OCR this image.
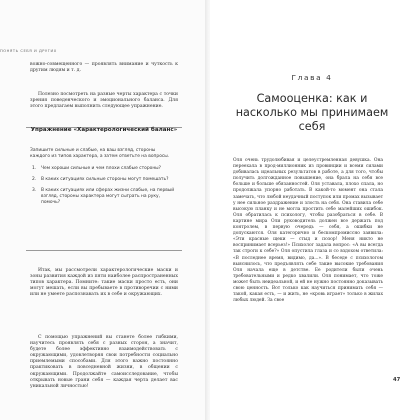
ПОНЯТЬ СЕБЯ И ДРУГИХ

вожно-совмещенного — проявлять внимание и чуткость к другим людям и т. д.

Полезно посмотреть на разные черты характера с точки зрения поведенческого и эмоционального баланса. Для этого предлагаем выполнить следующее упражнение.

Упражнение «Характерологический баланс»

Запишите сильные и слабые, на ваш взгляд, стороны каждого из типов характера, а затем ответьте на вопросы.

1. Чем хороши сильные и чем плохи слабые стороны?
2. В каких ситуациях сильные стороны могут помешать?
3. В каких ситуациях или сферах жизни слабые, на первый взгляд, стороны характера могут сыграть на руку, помочь?

Итак, мы рассмотрели характерологические маски и зоны развития каждой из пяти наиболее распространенных типов характера. Помните: такие маски просто есть, они могут мешать, если вы пребываете в противоречии с ними или не умеете распознавать их в себе и окружающих.

С помощью упражнений вы станете более гибкими, научитесь проявлять себя с разных сторон, а значит, будете более эффективно взаимодействовать с окружающими, удовлетворяя свои потребности социально приемлемыми способами. Для этого важно постоянно практиковать в повседневной жизни, в общении с окружающими. Продолжайте самоисследование, чтобы открывать новые грани себя — каждая черта делает вас уникальной личностью!

Глава 4

Самооценка: как и насколько мы принимаем себя

Оля очень трудолюбивая и целеустремленная девушка. Она переехала в прод-миллионник из провинции и всеми силами добивалась идеальных результатов в работе, а для того, чтобы получить долгожданное повышение, она брала на себя все больше и больше обязанностей. Оля уставала, плохо спала, но продолжала упорно работать. В какой-то момент она стала замечать, что любой неудачный поступок или промах вызывает у нее сильное раздражение и злость на себя. Она ставила себе высокую планку и не могла простить себе малейших ошибок. Оля обратилась к психологу, чтобы разобраться в себе. В картине мира Оли руководитель должен все держать под контролем, в первую очередь — себя, а ошибки не допускаются. Оля категорично и бескомпромиссно заявила: «Эти красные щеки — стыд и позор! Меня никто не воспринимает всерьез!» Психолог задала вопрос: «А вы всегда так строги к себе?» Оля опустила глаза и со вздохом ответила: «В последнее время, видимо, да...». В беседе с психологом выяснилось, что предъявлять себе такие высокие требования Оля начала еще в детстве. Ее родители были очень требовательными и редко хвалили. Оля понимает, что тоже может быть неидеальной, и ей не нужно постоянно доказывать свою ценность. Вот только как научиться принимать себя — такой, какая есть, — и жить, не «кровь играет» только в жилах любых людей. За свое

47
